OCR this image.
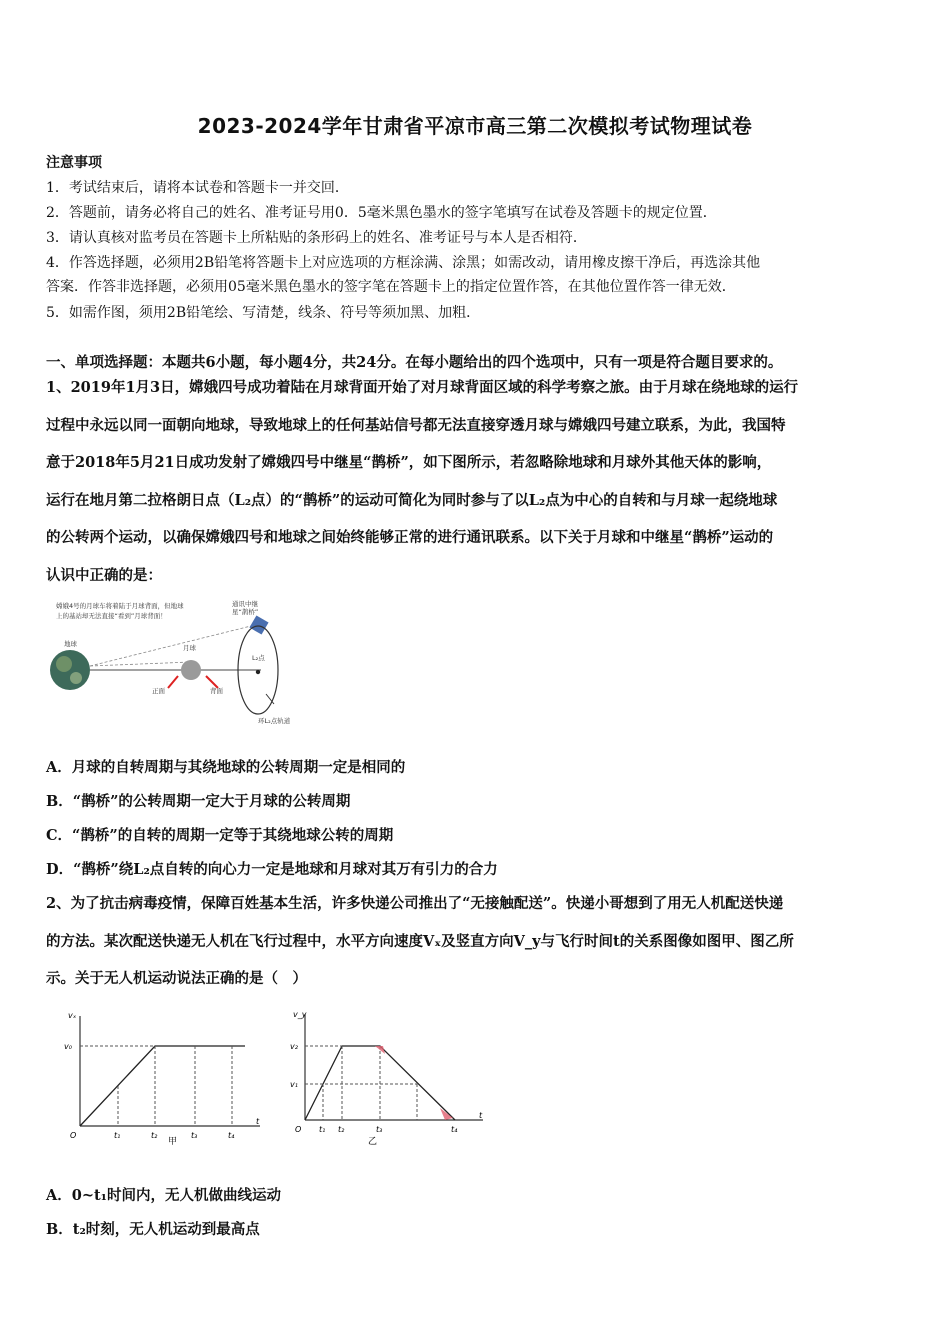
2023-2024学年甘肃省平凉市高三第二次模拟考试物理试卷
注意事项
1．考试结束后，请将本试卷和答题卡一并交回．
2．答题前，请务必将自己的姓名、准考证号用0．5毫米黑色墨水的签字笔填写在试卷及答题卡的规定位置．
3．请认真核对监考员在答题卡上所粘贴的条形码上的姓名、准考证号与本人是否相符．
4．作答选择题，必须用2B铅笔将答题卡上对应选项的方框涂满、涂黑；如需改动，请用橡皮擦干净后，再选涂其他
答案．作答非选择题，必须用05毫米黑色墨水的签字笔在答题卡上的指定位置作答，在其他位置作答一律无效．
5．如需作图，须用2B铅笔绘、写清楚，线条、符号等须加黑、加粗．
一、单项选择题：本题共6小题，每小题4分，共24分。在每小题给出的四个选项中，只有一项是符合题目要求的。
1、2019年1月3日，嫦娥四号成功着陆在月球背面开始了对月球背面区域的科学考察之旅。由于月球在绕地球的运行
过程中永远以同一面朝向地球，导致地球上的任何基站信号都无法直接穿透月球与嫦娥四号建立联系，为此，我国特
意于2018年5月21日成功发射了嫦娥四号中继星“鹊桥”，如下图所示，若忽略除地球和月球外其他天体的影响，
运行在地月第二拉格朗日点（L₂点）的“鹊桥”的运动可简化为同时参与了以L₂点为中心的自转和与月球一起绕地球
的公转两个运动，以确保嫦娥四号和地球之间始终能够正常的进行通讯联系。以下关于月球和中继星“鹊桥”运动的
认识中正确的是：
嫦娥4号的月球车将着陆于月球背面，但地球
上的基站却无法直接“看到”月球背面！
地球	月球
正面	背面
通讯中继
星“鹊桥”
L₂点
环L₂点轨道
A．月球的自转周期与其绕地球的公转周期一定是相同的
B．“鹊桥”的公转周期一定大于月球的公转周期
C．“鹊桥”的自转的周期一定等于其绕地球公转的周期
D．“鹊桥”绕L₂点自转的向心力一定是地球和月球对其万有引力的合力
2、为了抗击病毒疫情，保障百姓基本生活，许多快递公司推出了“无接触配送”。快递小哥想到了用无人机配送快递
的方法。某次配送快递无人机在飞行过程中，水平方向速度Vₓ及竖直方向V_y与飞行时间t的关系图像如图甲、图乙所
示。关于无人机运动说法正确的是（　）
vₓ
v₀
O	t₁	t₂	t₃	t₄
t
甲
v_y
v₂
v₁
O t₁ t₂	t₃	t₄
t
乙
A．0~t₁时间内，无人机做曲线运动
B．t₂时刻，无人机运动到最高点
